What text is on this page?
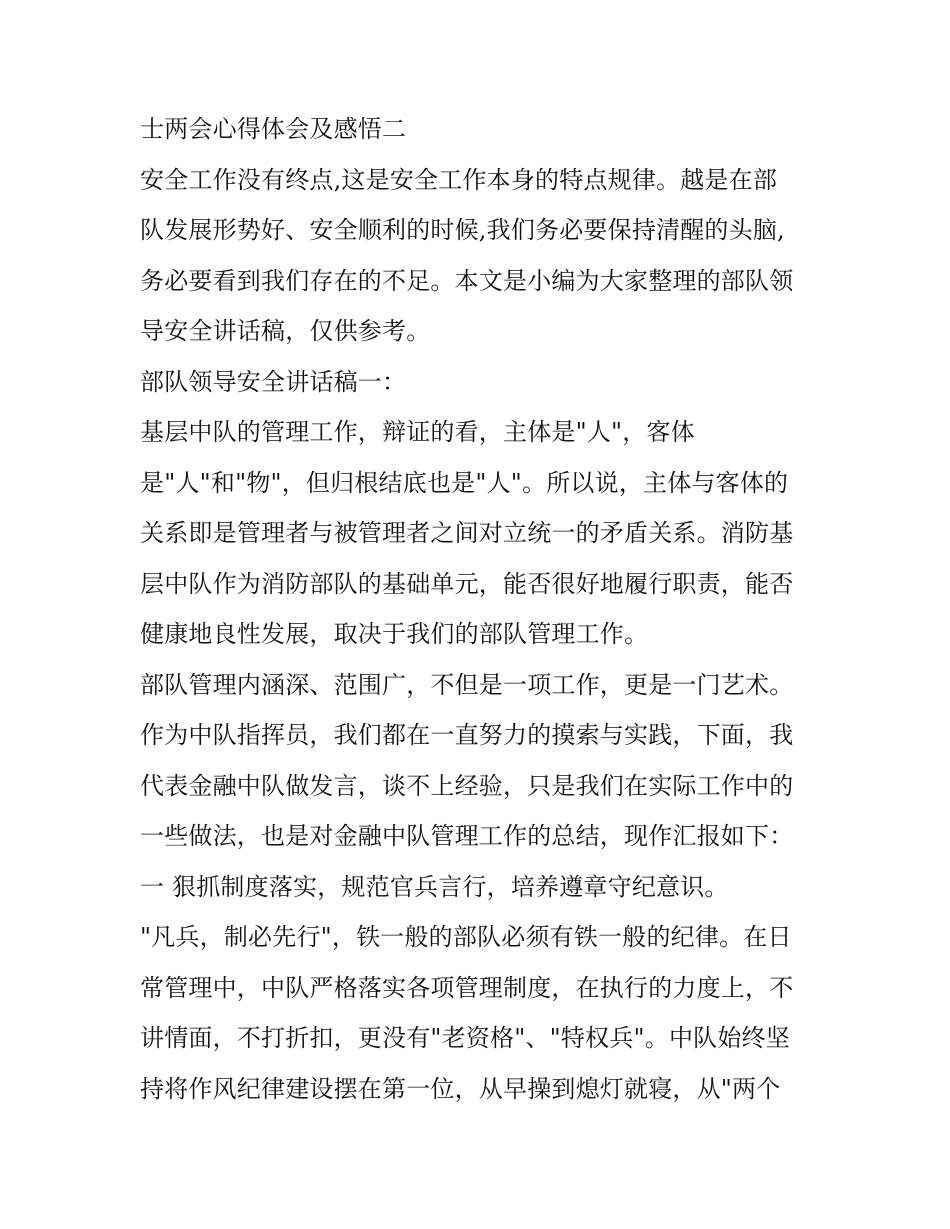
士两会心得体会及感悟二
安全工作没有终点,这是安全工作本身的特点规律。越是在部
队发展形势好、安全顺利的时候,我们务必要保持清醒的头脑,
务必要看到我们存在的不足。本文是小编为大家整理的部队领
导安全讲话稿，仅供参考。
部队领导安全讲话稿一：
基层中队的管理工作，辩证的看，主体是"人"，客体
是"人"和"物"，但归根结底也是"人"。所以说，主体与客体的
关系即是管理者与被管理者之间对立统一的矛盾关系。消防基
层中队作为消防部队的基础单元，能否很好地履行职责，能否
健康地良性发展，取决于我们的部队管理工作。
部队管理内涵深、范围广，不但是一项工作，更是一门艺术。
作为中队指挥员，我们都在一直努力的摸索与实践，下面，我
代表金融中队做发言，谈不上经验，只是我们在实际工作中的
一些做法，也是对金融中队管理工作的总结，现作汇报如下：
一 狠抓制度落实，规范官兵言行，培养遵章守纪意识。
"凡兵，制必先行"，铁一般的部队必须有铁一般的纪律。在日
常管理中，中队严格落实各项管理制度，在执行的力度上，不
讲情面，不打折扣，更没有"老资格"、"特权兵"。中队始终坚
持将作风纪律建设摆在第一位，从早操到熄灯就寝，从"两个
